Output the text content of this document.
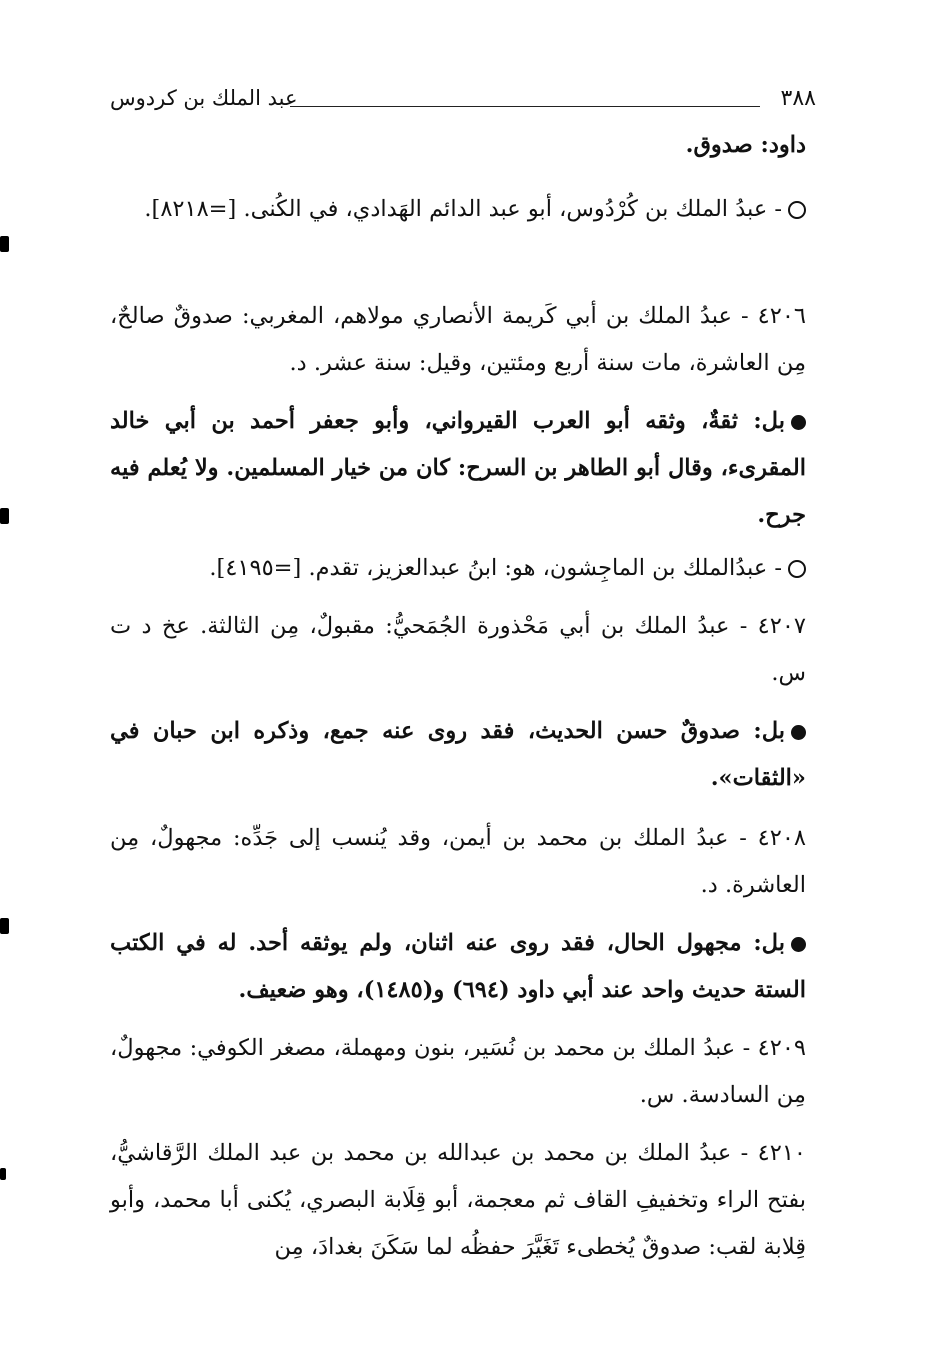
٣٨٨
عبد الملك بن كردوس

داود: صدوق.

- عبدُ الملك بن كُرْدُوس، أبو عبد الدائم الهَدادي، في الكُنى. [=٨٢١٨].

٤٢٠٦ - عبدُ الملك بن أبي كَريمة الأنصاري مولاهم، المغربي: صدوقٌ صالحٌ، مِن العاشرة، مات سنة أربع ومئتين، وقيل: سنة عشر. د.

بل: ثقةٌ، وثقه أبو العرب القيرواني، وأبو جعفر أحمد بن أبي خالد المقرىء، وقال أبو الطاهر بن السرح: كان من خيار المسلمين. ولا يُعلم فيه جرح.

- عبدُالملك بن الماجِشون، هو: ابنُ عبدالعزيز، تقدم. [=٤١٩٥].

٤٢٠٧ - عبدُ الملك بن أبي مَحْذورة الجُمَحيُّ: مقبولٌ، مِن الثالثة. عخ د ت س.

بل: صدوقٌ حسن الحديث، فقد روى عنه جمع، وذكره ابن حبان في «الثقات».

٤٢٠٨ - عبدُ الملك بن محمد بن أيمن، وقد يُنسب إلى جَدِّه: مجهولٌ، مِن العاشرة. د.

بل: مجهول الحال، فقد روى عنه اثنان، ولم يوثقه أحد. له في الكتب الستة حديث واحد عند أبي داود (٦٩٤) و(١٤٨٥)، وهو ضعيف.

٤٢٠٩ - عبدُ الملك بن محمد بن نُسَير، بنون ومهملة، مصغر الكوفي: مجهولٌ، مِن السادسة. س.

٤٢١٠ - عبدُ الملك بن محمد بن عبدالله بن محمد بن عبد الملك الرَّقاشيُّ، بفتح الراء وتخفيفِ القاف ثم معجمة، أبو قِلَابة البصري، يُكنى أبا محمد، وأبو قِلابة لقب: صدوقٌ يُخطىء تَغَيَّرَ حفظُه لما سَكَنَ بغدادَ، مِن
